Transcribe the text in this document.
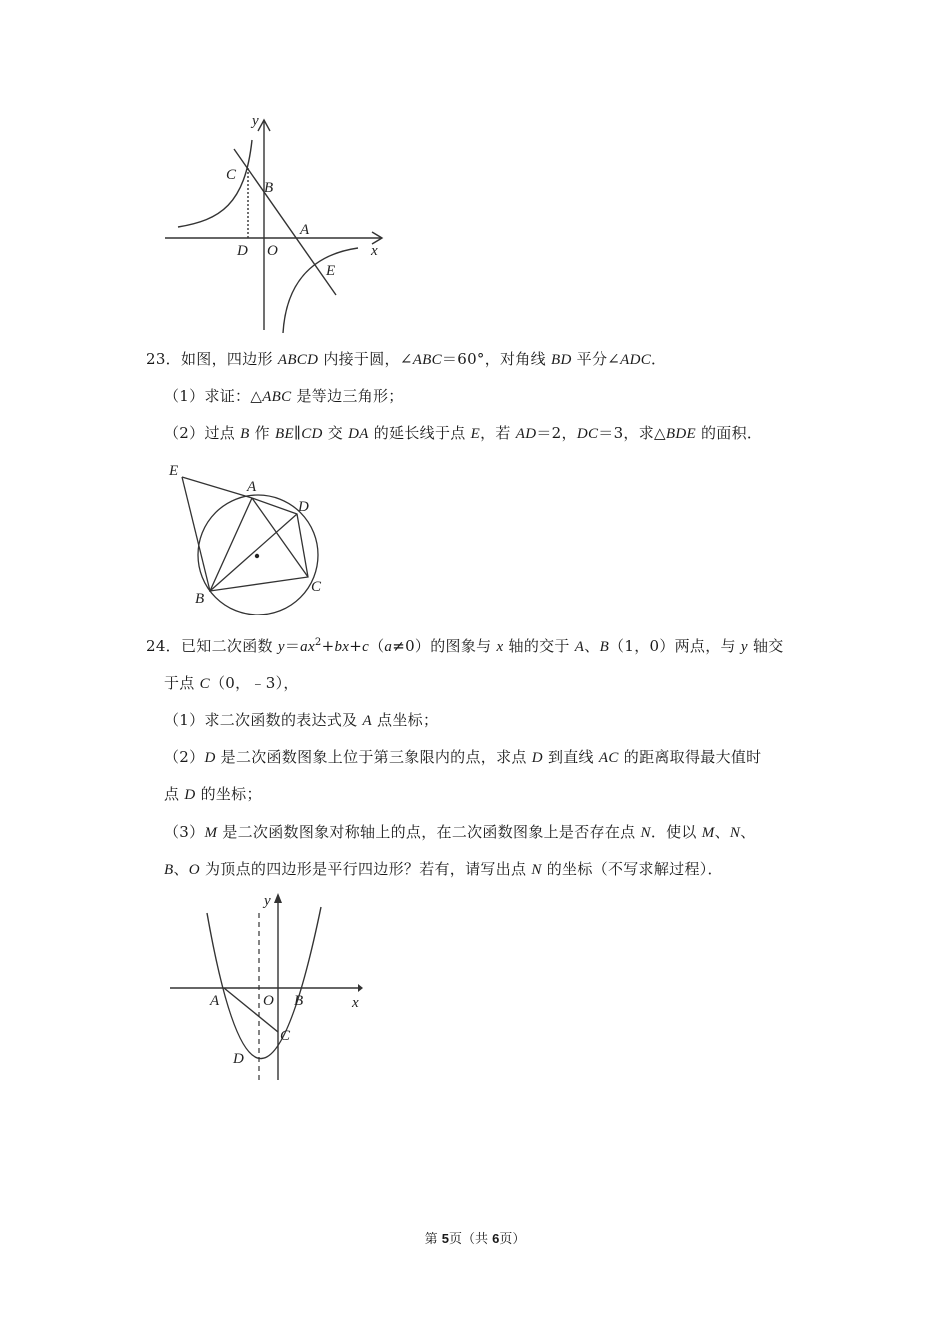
y
x
C
B
A
D O
E
23．如图，四边形 ABCD 内接于圆，∠ABC＝60°，对角线 BD 平分∠ADC．
（1）求证：△ABC 是等边三角形；
（2）过点 B 作 BE∥CD 交 DA 的延长线于点 E，若 AD＝2，DC＝3，求△BDE 的面积．
E
A
D
B
C
24．已知二次函数 $y=ax^2+bx+c(a\ne 0)$的图象与 x 轴的交于 A、B（1，0）两点，与 y 轴交
于点 C（0，﹣3），
（1）求二次函数的表达式及 A 点坐标；
（2）D 是二次函数图象上位于第三象限内的点，求点 D 到直线 AC 的距离取得最大值时
点 D 的坐标；
（3）M 是二次函数图象对称轴上的点，在二次函数图象上是否存在点 N．使以 M、N、
B、O 为顶点的四边形是平行四边形？若有，请写出点 N 的坐标（不写求解过程）．
y
x
A	O B
C
D
第 5页（共 6页）
